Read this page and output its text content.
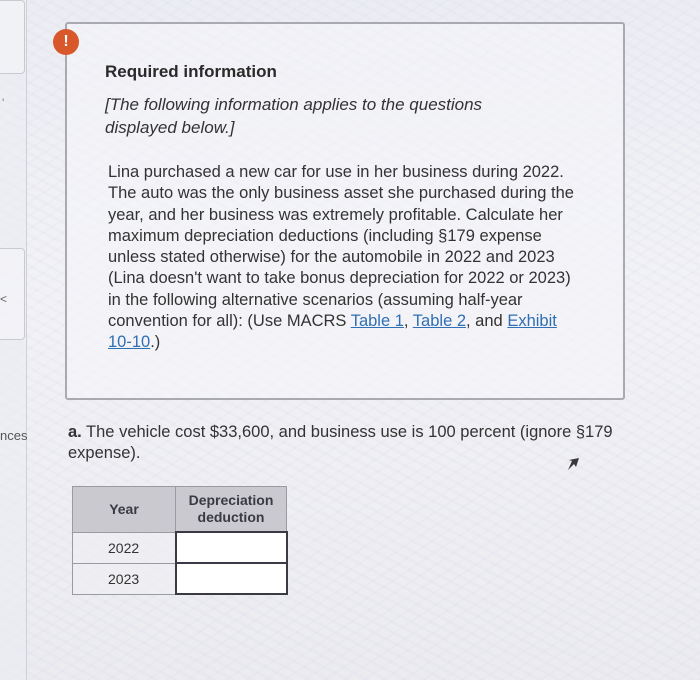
'
<
nces
!
Required information
[The following information applies to the questions displayed below.]
Lina purchased a new car for use in her business during 2022. The auto was the only business asset she purchased during the year, and her business was extremely profitable. Calculate her maximum depreciation deductions (including §179 expense unless stated otherwise) for the automobile in 2022 and 2023 (Lina doesn't want to take bonus depreciation for 2022 or 2023) in the following alternative scenarios (assuming half-year convention for all): (Use MACRS Table 1, Table 2, and Exhibit 10-10.)
a. The vehicle cost $33,600, and business use is 100 percent (ignore §179 expense).
Year	Depreciation deduction
2022	
2023	
